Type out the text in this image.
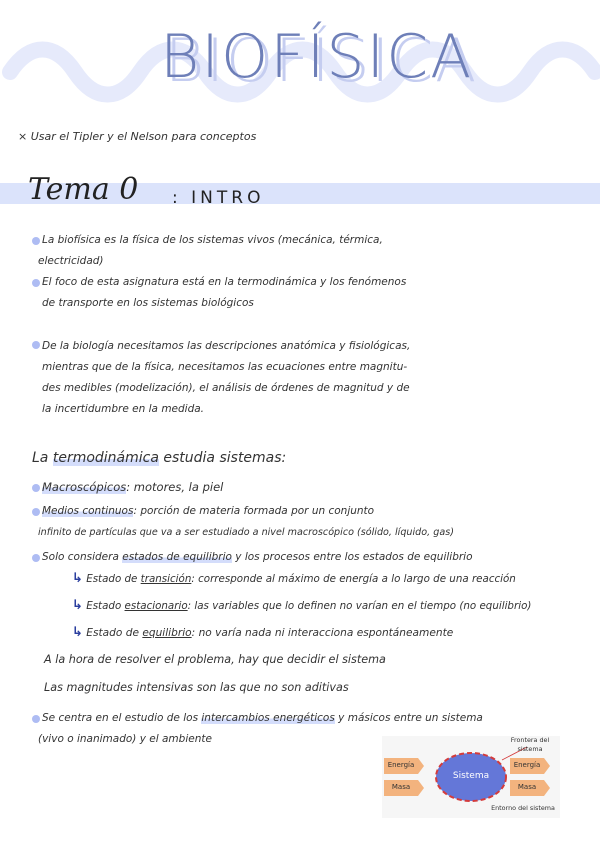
BIOFÍSICA
× Usar el Tipler y el Nelson para conceptos
Tema 0 : INTRO
La biofísica es la física de los sistemas vivos (mecánica, térmica,
electricidad)
El foco de esta asignatura está en la termodinámica y los fenómenos
de transporte en los sistemas biológicos
De la biología necesitamos las descripciones anatómica y fisiológicas,
mientras que de la física, necesitamos las ecuaciones entre magnitu-
des medibles (modelización), el análisis de órdenes de magnitud y de
la incertidumbre en la medida.
La termodinámica estudia sistemas:
Macroscópicos: motores, la piel
Medios continuos: porción de materia formada por un conjunto
infinito de partículas que va a ser estudiado a nivel macroscópico (sólido, líquido, gas)
Solo considera estados de equilibrio y los procesos entre los estados de equilibrio
↳ Estado de transición: corresponde al máximo de energía a lo largo de una reacción
↳ Estado estacionario: las variables que lo definen no varían en el tiempo (no equilibrio)
↳ Estado de equilibrio: no varía nada ni interacciona espontáneamente
A la hora de resolver el problema, hay que decidir el sistema
Las magnitudes intensivas son las que no son aditivas
Se centra en el estudio de los intercambios energéticos y másicos entre un sistema
(vivo o inanimado) y el ambiente
Energía
Masa
Sistema
Energía
Masa
Frontera del sistema
Entorno del sistema
